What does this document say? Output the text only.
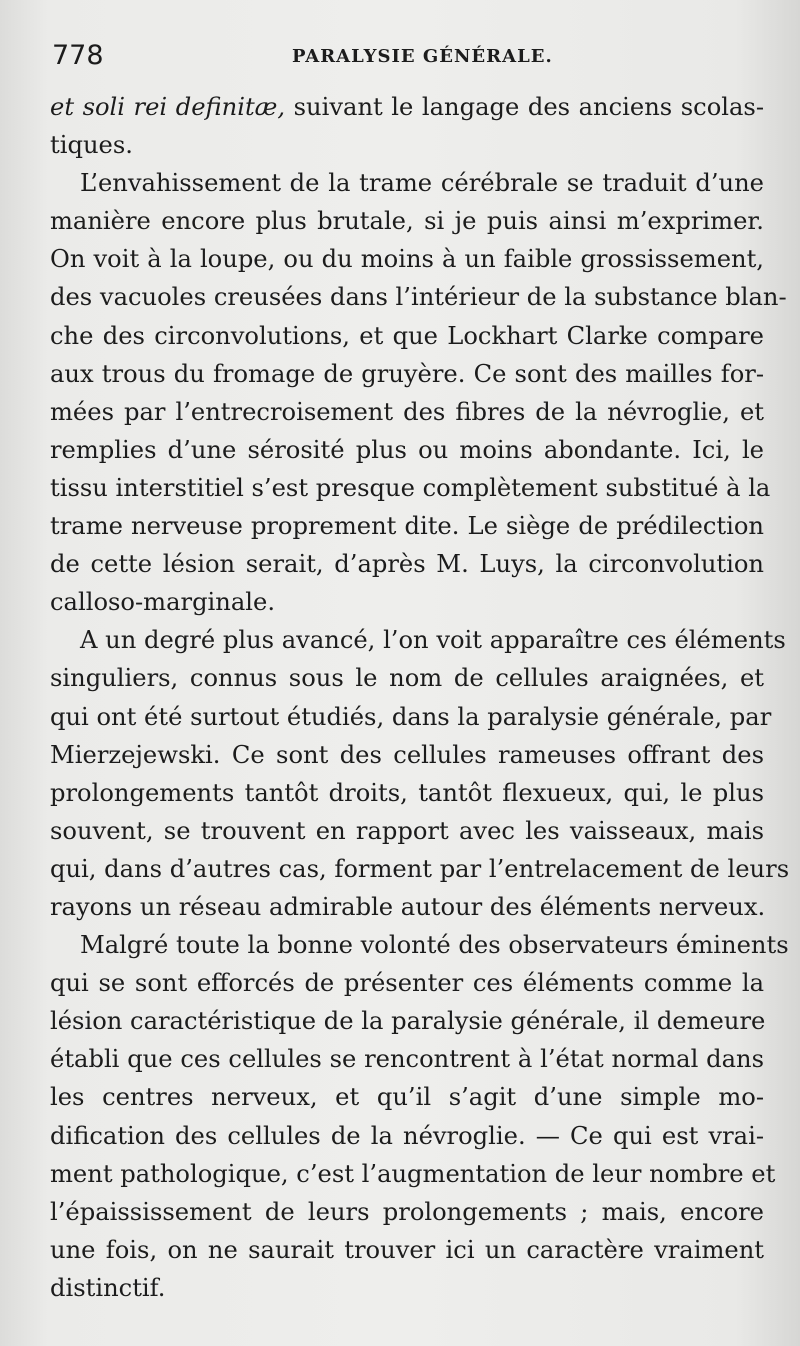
778	PARALYSIE GÉNÉRALE.
et soli rei definitæ, suivant le langage des anciens scolas-
tiques.
L’envahissement de la trame cérébrale se traduit d’une
manière encore plus brutale, si je puis ainsi m’exprimer.
On voit à la loupe, ou du moins à un faible grossissement,
des vacuoles creusées dans l’intérieur de la substance blan-
che des circonvolutions, et que Lockhart Clarke compare
aux trous du fromage de gruyère. Ce sont des mailles for-
mées par l’entrecroisement des fibres de la névroglie, et
remplies d’une sérosité plus ou moins abondante. Ici, le
tissu interstitiel s’est presque complètement substitué à la
trame nerveuse proprement dite. Le siège de prédilection
de cette lésion serait, d’après M. Luys, la circonvolution
calloso-marginale.
A un degré plus avancé, l’on voit apparaître ces éléments
singuliers, connus sous le nom de cellules araignées, et
qui ont été surtout étudiés, dans la paralysie générale, par
Mierzejewski. Ce sont des cellules rameuses offrant des
prolongements tantôt droits, tantôt flexueux, qui, le plus
souvent, se trouvent en rapport avec les vaisseaux, mais
qui, dans d’autres cas, forment par l’entrelacement de leurs
rayons un réseau admirable autour des éléments nerveux.
Malgré toute la bonne volonté des observateurs éminents
qui se sont efforcés de présenter ces éléments comme la
lésion caractéristique de la paralysie générale, il demeure
établi que ces cellules se rencontrent à l’état normal dans
les centres nerveux, et qu’il s’agit d’une simple mo-
dification des cellules de la névroglie. — Ce qui est vrai-
ment pathologique, c’est l’augmentation de leur nombre et
l’épaississement de leurs prolongements ; mais, encore
une fois, on ne saurait trouver ici un caractère vraiment
distinctif.
